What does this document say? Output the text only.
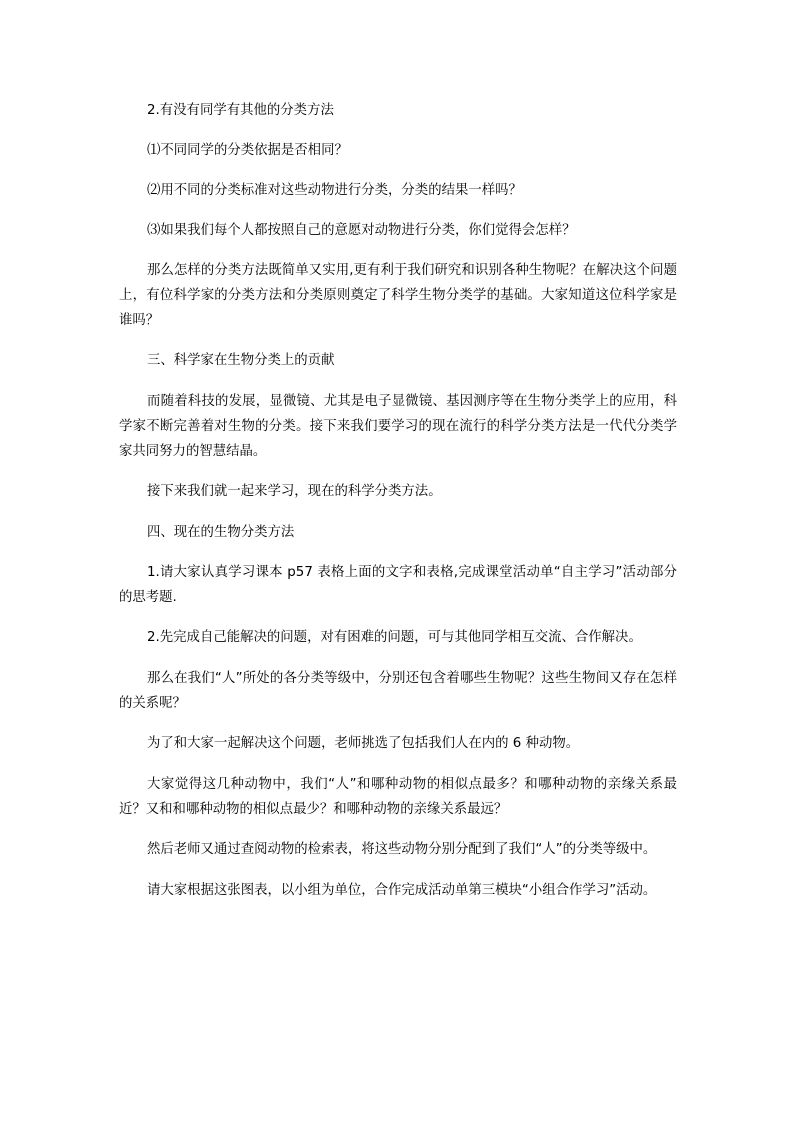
2.有没有同学有其他的分类方法

⑴不同同学的分类依据是否相同？

⑵用不同的分类标准对这些动物进行分类，分类的结果一样吗？

⑶如果我们每个人都按照自己的意愿对动物进行分类，你们觉得会怎样？

那么怎样的分类方法既简单又实用,更有利于我们研究和识别各种生物呢？在解决这个问题上，有位科学家的分类方法和分类原则奠定了科学生物分类学的基础。大家知道这位科学家是谁吗？

三、科学家在生物分类上的贡献

而随着科技的发展，显微镜、尤其是电子显微镜、基因测序等在生物分类学上的应用，科学家不断完善着对生物的分类。接下来我们要学习的现在流行的科学分类方法是一代代分类学家共同努力的智慧结晶。

接下来我们就一起来学习，现在的科学分类方法。

四、现在的生物分类方法

1.请大家认真学习课本 p57 表格上面的文字和表格,完成课堂活动单“自主学习”活动部分的思考题.

2.先完成自己能解决的问题，对有困难的问题，可与其他同学相互交流、合作解决。

那么在我们“人”所处的各分类等级中，分别还包含着哪些生物呢？这些生物间又存在怎样的关系呢？

为了和大家一起解决这个问题，老师挑选了包括我们人在内的 6 种动物。

大家觉得这几种动物中，我们“人”和哪种动物的相似点最多？和哪种动物的亲缘关系最近？又和和哪种动物的相似点最少？和哪种动物的亲缘关系最远？

然后老师又通过查阅动物的检索表，将这些动物分别分配到了我们“人”的分类等级中。

请大家根据这张图表，以小组为单位，合作完成活动单第三模块“小组合作学习”活动。
